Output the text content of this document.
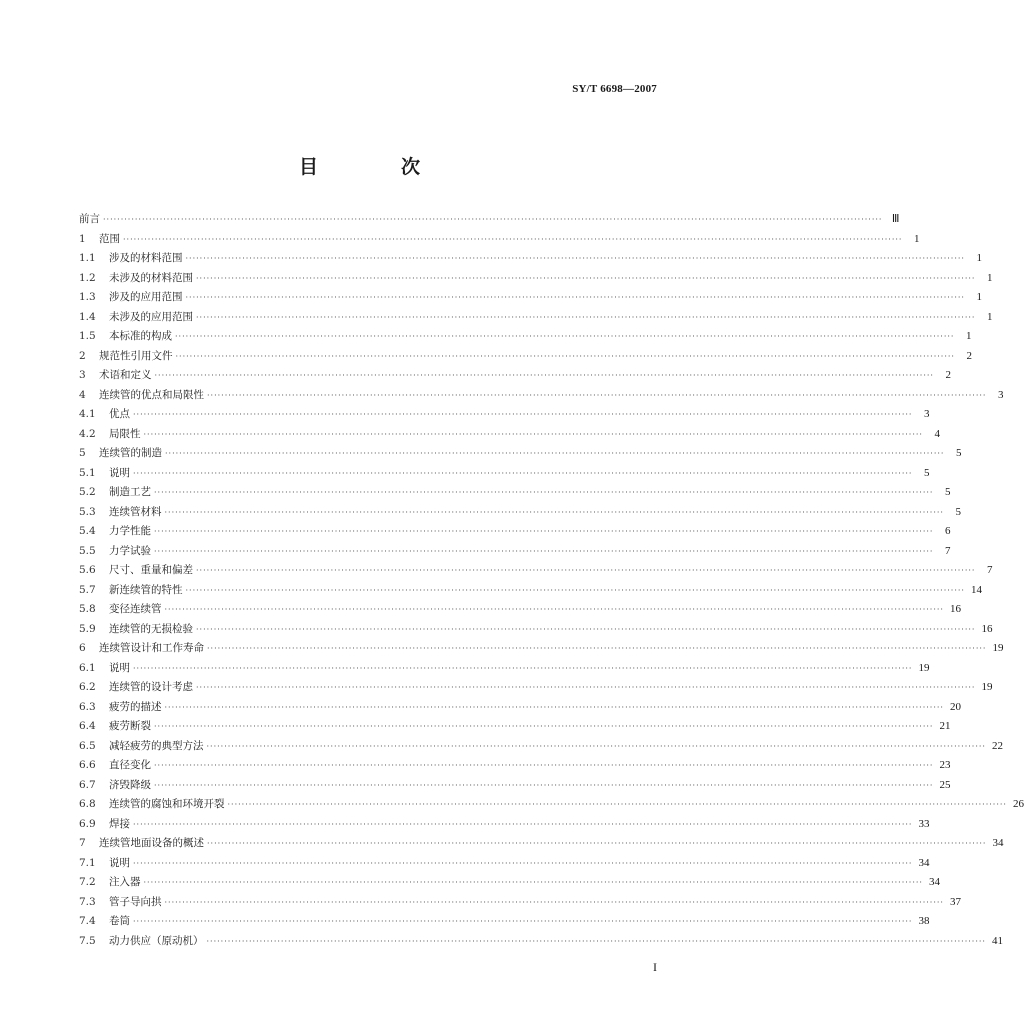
SY/T 6698—2007
目　次
前言 ···························································································································································································································· Ⅲ
1	范围 ····························································································································································································································	1
1.1	涉及的材料范围 ····························································································································································································································	1
1.2	未涉及的材料范围 ····························································································································································································································	1
1.3	涉及的应用范围 ····························································································································································································································	1
1.4	未涉及的应用范围 ····························································································································································································································	1
1.5	本标准的构成 ····························································································································································································································	1
2	规范性引用文件 ····························································································································································································································	2
3	术语和定义 ····························································································································································································································	2
4	连续管的优点和局限性 ····························································································································································································································	3
4.1	优点 ····························································································································································································································	3
4.2	局限性 ····························································································································································································································	4
5	连续管的制造 ····························································································································································································································	5
5.1	说明 ····························································································································································································································	5
5.2	制造工艺 ····························································································································································································································	5
5.3	连续管材料 ····························································································································································································································	5
5.4	力学性能 ····························································································································································································································	6
5.5	力学试验 ····························································································································································································································	7
5.6	尺寸、重量和偏差 ····························································································································································································································	7
5.7	新连续管的特性 ···························································································································································································································· 14
5.8	变径连续管 ···························································································································································································································· 16
5.9	连续管的无损检验 ···························································································································································································································· 16
6	连续管设计和工作寿命 ···························································································································································································································· 19
6.1	说明 ···························································································································································································································· 19
6.2	连续管的设计考虑 ···························································································································································································································· 19
6.3	疲劳的描述 ···························································································································································································································· 20
6.4	疲劳断裂 ···························································································································································································································· 21
6.5	减轻疲劳的典型方法 ···························································································································································································································· 22
6.6	直径变化 ···························································································································································································································· 23
6.7	济毁降级 ···························································································································································································································· 25
6.8	连续管的腐蚀和环境开裂 ···························································································································································································································· 26
6.9	焊接 ···························································································································································································································· 33
7	连续管地面设备的概述 ···························································································································································································································· 34
7.1	说明 ···························································································································································································································· 34
7.2	注入器 ···························································································································································································································· 34
7.3	管子导向拱 ···························································································································································································································· 37
7.4	卷筒 ···························································································································································································································· 38
7.5	动力供应（原动机） ···························································································································································································································· 41
I
